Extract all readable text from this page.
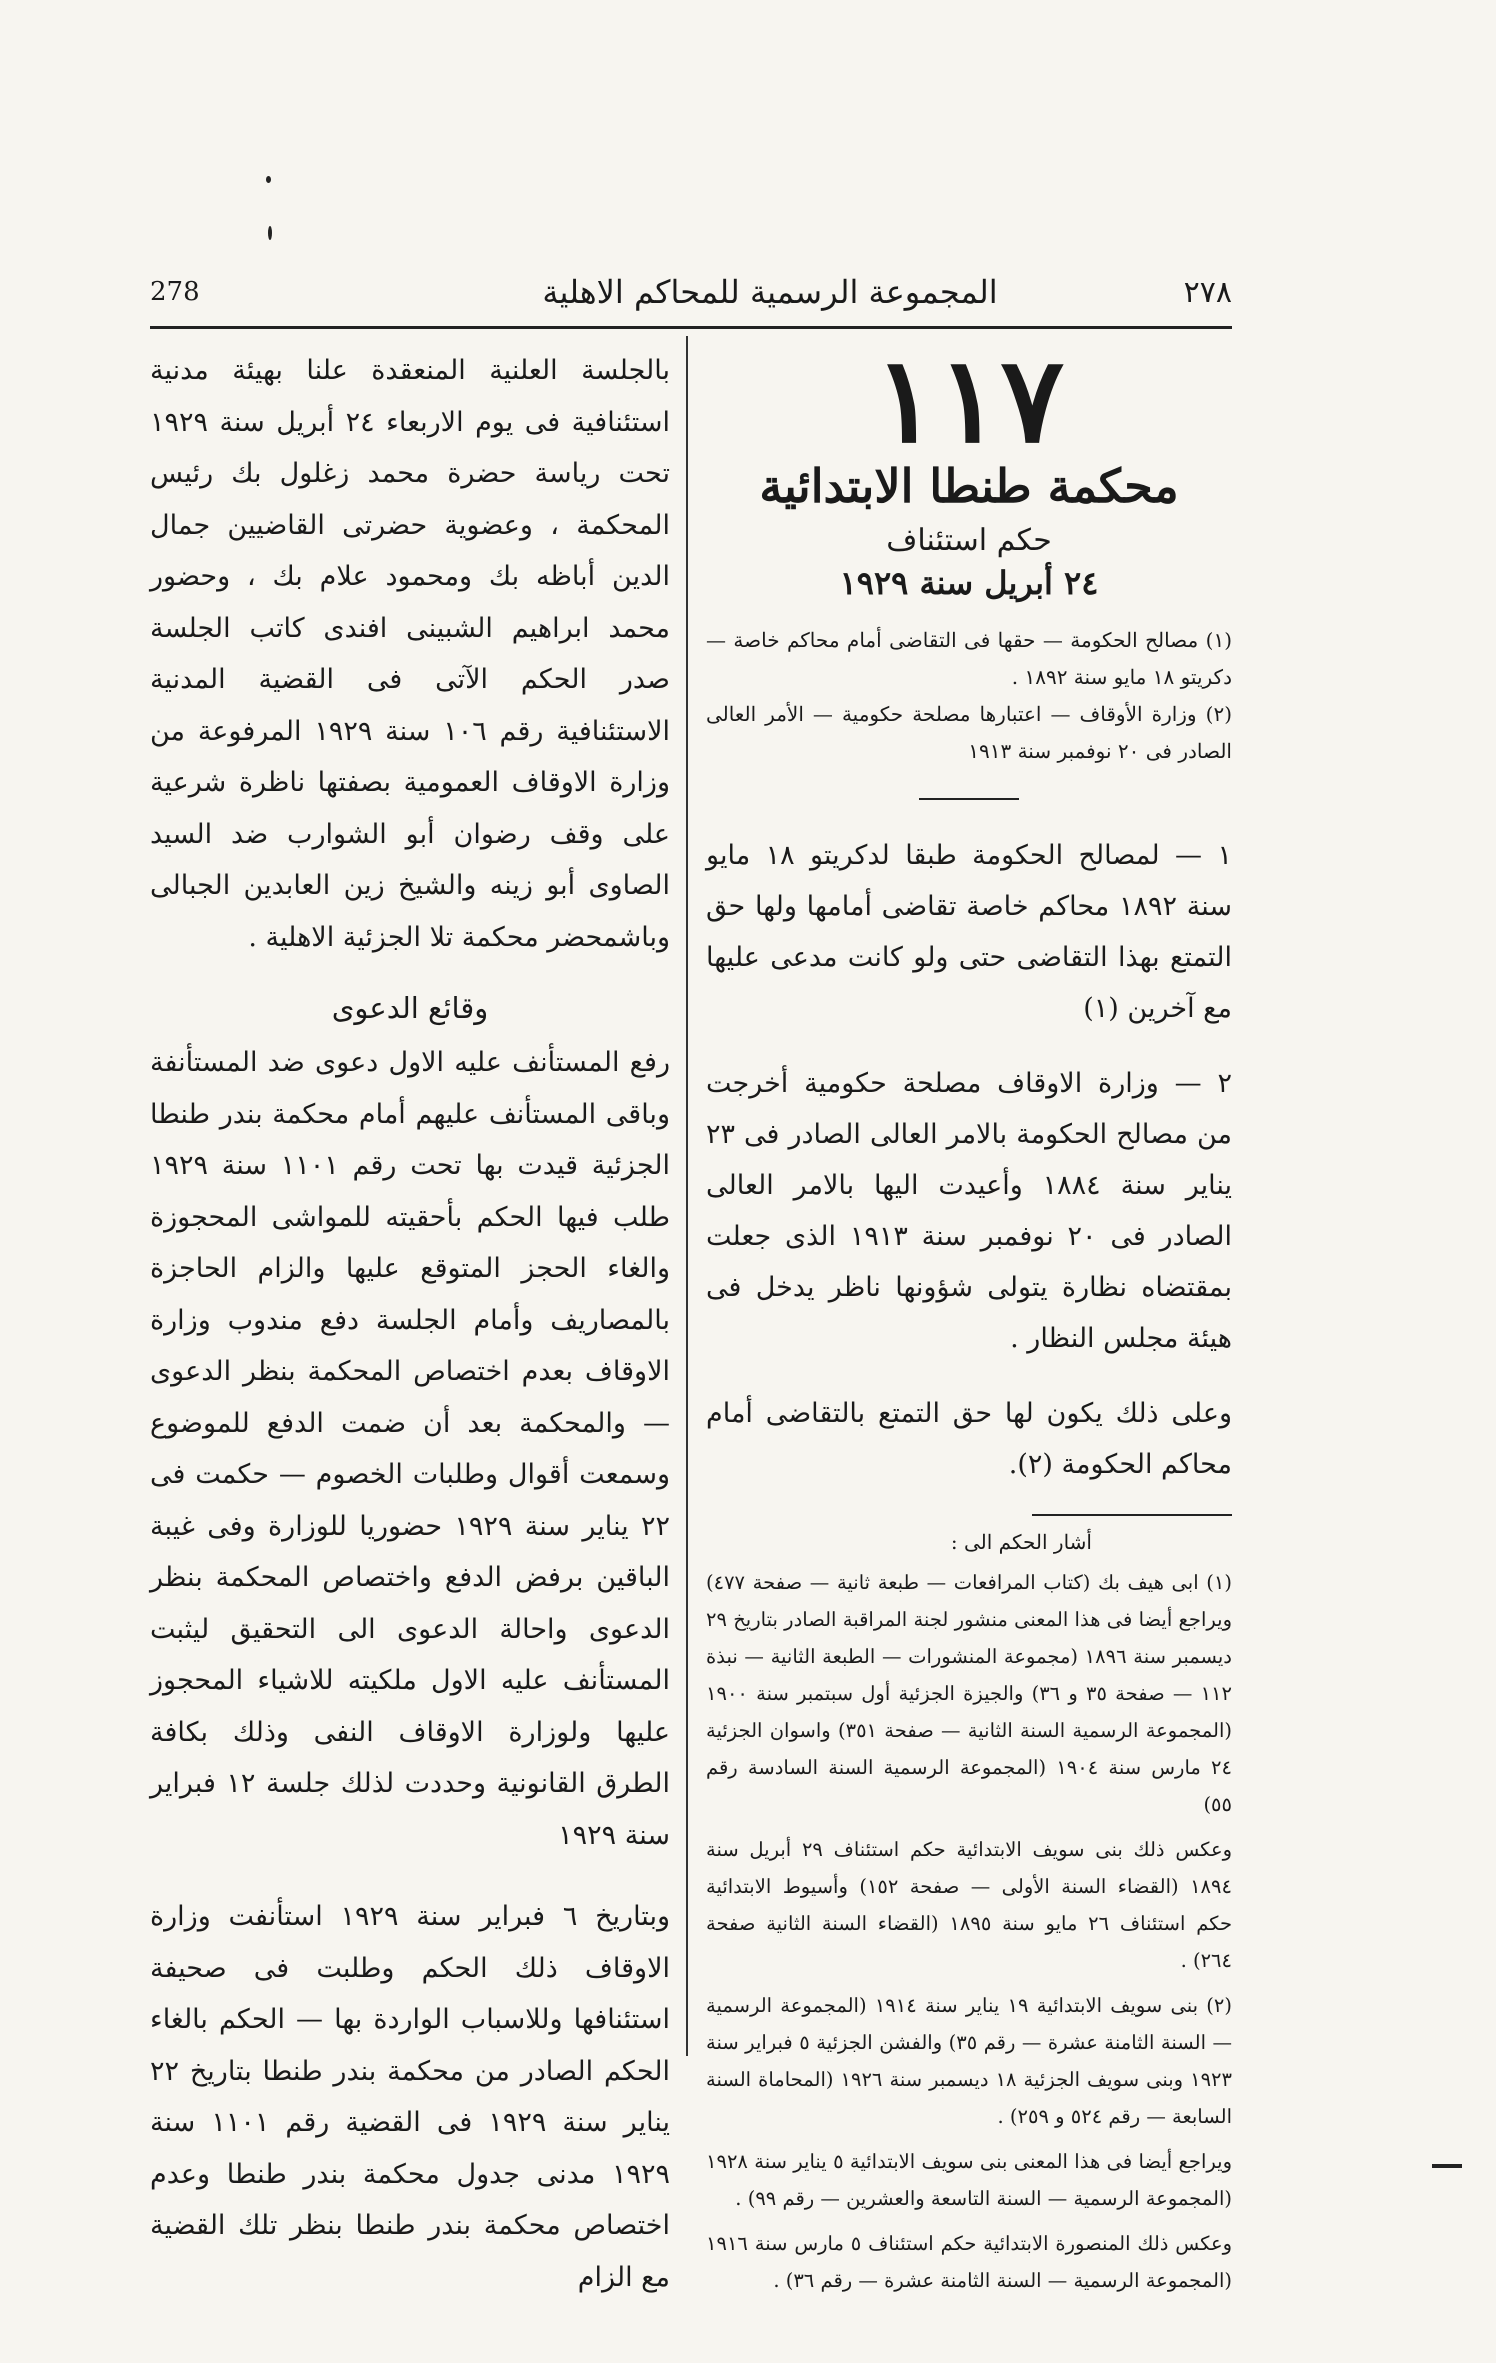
278	المجموعة الرسمية للمحاكم الاهلية	٢٧٨

١١٧

محكمة طنطا الابتدائية

حكم استئناف

٢٤ أبريل سنة ١٩٢٩

(١) مصالح الحكومة — حقها فى التقاضى أمام محاكم خاصة — دكريتو ١٨ مايو سنة ١٨٩٢ .

(٢) وزارة الأوقاف — اعتبارها مصلحة حكومية — الأمر العالى الصادر فى ٢٠ نوفمبر سنة ١٩١٣

١ — لمصالح الحكومة طبقا لدكريتو ١٨ مايو سنة ١٨٩٢ محاكم خاصة تقاضى أمامها ولها حق التمتع بهذا التقاضى حتى ولو كانت مدعى عليها مع آخرين (١)

٢ — وزارة الاوقاف مصلحة حكومية أخرجت من مصالح الحكومة بالامر العالى الصادر فى ٢٣ يناير سنة ١٨٨٤ وأعيدت اليها بالامر العالى الصادر فى ٢٠ نوفمبر سنة ١٩١٣ الذى جعلت بمقتضاه نظارة يتولى شؤونها ناظر يدخل فى هيئة مجلس النظار .

وعلى ذلك يكون لها حق التمتع بالتقاضى أمام محاكم الحكومة (٢).

أشار الحكم الى :

(١) ابى هيف بك (كتاب المرافعات — طبعة ثانية — صفحة ٤٧٧) ويراجع أيضا فى هذا المعنى منشور لجنة المراقبة الصادر بتاريخ ٢٩ ديسمبر سنة ١٨٩٦ (مجموعة المنشورات — الطبعة الثانية — نبذة ١١٢ — صفحة ٣٥ و ٣٦) والجيزة الجزئية أول سبتمبر سنة ١٩٠٠ (المجموعة الرسمية السنة الثانية — صفحة ٣٥١) واسوان الجزئية ٢٤ مارس سنة ١٩٠٤ (المجموعة الرسمية السنة السادسة رقم ٥٥)

وعكس ذلك بنى سويف الابتدائية حكم استئناف ٢٩ أبريل سنة ١٨٩٤ (القضاء السنة الأولى — صفحة ١٥٢) وأسيوط الابتدائية حكم استئناف ٢٦ مايو سنة ١٨٩٥ (القضاء السنة الثانية صفحة ٢٦٤) .

(٢) بنى سويف الابتدائية ١٩ يناير سنة ١٩١٤ (المجموعة الرسمية — السنة الثامنة عشرة — رقم ٣٥) والفشن الجزئية ٥ فبراير سنة ١٩٢٣ وبنى سويف الجزئية ١٨ ديسمبر سنة ١٩٢٦ (المحاماة السنة السابعة — رقم ٥٢٤ و ٢٥٩) .

ويراجع أيضا فى هذا المعنى بنى سويف الابتدائية ٥ يناير سنة ١٩٢٨ (المجموعة الرسمية — السنة التاسعة والعشرين — رقم ٩٩) .

وعكس ذلك المنصورة الابتدائية حكم استئناف ٥ مارس سنة ١٩١٦ (المجموعة الرسمية — السنة الثامنة عشرة — رقم ٣٦) .

بالجلسة العلنية المنعقدة علنا بهيئة مدنية استئنافية فى يوم الاربعاء ٢٤ أبريل سنة ١٩٢٩ تحت رياسة حضرة محمد زغلول بك رئيس المحكمة ، وعضوية حضرتى القاضيين جمال الدين أباظه بك ومحمود علام بك ، وحضور محمد ابراهيم الشبينى افندى كاتب الجلسة صدر الحكم الآتى فى القضية المدنية الاستئنافية رقم ١٠٦ سنة ١٩٢٩ المرفوعة من وزارة الاوقاف العمومية بصفتها ناظرة شرعية على وقف رضوان أبو الشوارب ضد السيد الصاوى أبو زينه والشيخ زين العابدين الجبالى وباشمحضر محكمة تلا الجزئية الاهلية .

وقائع الدعوى

رفع المستأنف عليه الاول دعوى ضد المستأنفة وباقى المستأنف عليهم أمام محكمة بندر طنطا الجزئية قيدت بها تحت رقم ١١٠١ سنة ١٩٢٩ طلب فيها الحكم بأحقيته للمواشى المحجوزة والغاء الحجز المتوقع عليها والزام الحاجزة بالمصاريف وأمام الجلسة دفع مندوب وزارة الاوقاف بعدم اختصاص المحكمة بنظر الدعوى — والمحكمة بعد أن ضمت الدفع للموضوع وسمعت أقوال وطلبات الخصوم — حكمت فى ٢٢ يناير سنة ١٩٢٩ حضوريا للوزارة وفى غيبة الباقين برفض الدفع واختصاص المحكمة بنظر الدعوى واحالة الدعوى الى التحقيق ليثبت المستأنف عليه الاول ملكيته للاشياء المحجوز عليها ولوزارة الاوقاف النفى وذلك بكافة الطرق القانونية وحددت لذلك جلسة ١٢ فبراير سنة ١٩٢٩

وبتاريخ ٦ فبراير سنة ١٩٢٩ استأنفت وزارة الاوقاف ذلك الحكم وطلبت فى صحيفة استئنافها وللاسباب الواردة بها — الحكم بالغاء الحكم الصادر من محكمة بندر طنطا بتاريخ ٢٢ يناير سنة ١٩٢٩ فى القضية رقم ١١٠١ سنة ١٩٢٩ مدنى جدول محكمة بندر طنطا وعدم اختصاص محكمة بندر طنطا بنظر تلك القضية مع الزام
